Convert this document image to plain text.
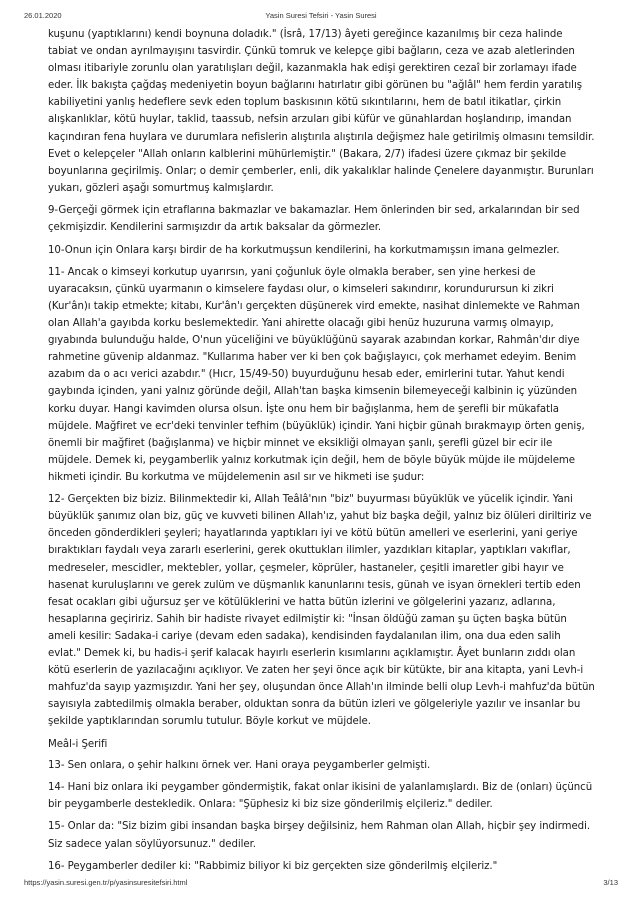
26.01.2020	Yasin Suresi Tefsiri - Yasin Suresi

kuşunu (yaptıklarını) kendi boynuna doladık." (İsrâ, 17/13) âyeti gereğince kazanılmış bir ceza halinde tabiat ve ondan ayrılmayışını tasvirdir. Çünkü tomruk ve kelepçe gibi bağların, ceza ve azab aletlerinden olması itibariyle zorunlu olan yaratılışları değil, kazanmakla hak edişi gerektiren cezaî bir zorlamayı ifade eder. İlk bakışta çağdaş medeniyetin boyun bağlarını hatırlatır gibi görünen bu "ağlâl" hem ferdin yaratılış kabiliyetini yanlış hedeflere sevk eden toplum baskısının kötü sıkıntılarını, hem de batıl itikatlar, çirkin alışkanlıklar, kötü huylar, taklid, taassub, nefsin arzuları gibi küfür ve günahlardan hoşlandırıp, imandan kaçındıran fena huylara ve durumlara nefislerin alıştırıla alıştırıla değişmez hale getirilmiş olmasını temsildir. Evet o kelepçeler "Allah onların kalblerini mühürlemiştir." (Bakara, 2/7) ifadesi üzere çıkmaz bir şekilde boyunlarına geçirilmiş. Onlar; o demir çemberler, enli, dik yakalıklar halinde Çenelere dayanmıştır. Burunları yukarı, gözleri aşağı somurtmuş kalmışlardır.

9-Gerçeği görmek için etraflarına bakmazlar ve bakamazlar. Hem önlerinden bir sed, arkalarından bir sed çekmişizdir. Kendilerini sarmışızdır da artık baksalar da görmezler.

10-Onun için Onlara karşı birdir de ha korkutmuşsun kendilerini, ha korkutmamışsın imana gelmezler.

11- Ancak o kimseyi korkutup uyarırsın, yani çoğunluk öyle olmakla beraber, sen yine herkesi de uyaracaksın, çünkü uyarmanın o kimselere faydası olur, o kimseleri sakındırır, korundurursun ki zikri (Kur'ân)ı takip etmekte; kitabı, Kur'ân'ı gerçekten düşünerek vird emekte, nasihat dinlemekte ve Rahman olan Allah'a gayıbda korku beslemektedir. Yani ahirette olacağı gibi henüz huzuruna varmış olmayıp, gıyabında bulunduğu halde, O'nun yüceliğini ve büyüklüğünü sayarak azabından korkar, Rahmân'dır diye rahmetine güvenip aldanmaz. "Kullarıma haber ver ki ben çok bağışlayıcı, çok merhamet edeyim. Benim azabım da o acı verici azabdır." (Hıcr, 15/49-50) buyurduğunu hesab eder, emirlerini tutar. Yahut kendi gaybında içinden, yani yalnız göründe değil, Allah'tan başka kimsenin bilemeyeceği kalbinin iç yüzünden korku duyar. Hangi kavimden olursa olsun. İşte onu hem bir bağışlanma, hem de şerefli bir mükafatla müjdele. Mağfiret ve ecr'deki tenvinler tefhim (büyüklük) içindir. Yani hiçbir günah bırakmayıp örten geniş, önemli bir mağfiret (bağışlanma) ve hiçbir minnet ve eksikliği olmayan şanlı, şerefli güzel bir ecir ile müjdele. Demek ki, peygamberlik yalnız korkutmak için değil, hem de böyle büyük müjde ile müjdeleme hikmeti içindir. Bu korkutma ve müjdelemenin asıl sır ve hikmeti ise şudur:

12- Gerçekten biz biziz. Bilinmektedir ki, Allah Teâlâ'nın "biz" buyurması büyüklük ve yücelik içindir. Yani büyüklük şanımız olan biz, güç ve kuvveti bilinen Allah'ız, yahut biz başka değil, yalnız biz ölüleri diriltiriz ve önceden gönderdikleri şeyleri; hayatlarında yaptıkları iyi ve kötü bütün amelleri ve eserlerini, yani geriye bıraktıkları faydalı veya zararlı eserlerini, gerek okuttukları ilimler, yazdıkları kitaplar, yaptıkları vakıflar, medreseler, mescidler, mektebler, yollar, çeşmeler, köprüler, hastaneler, çeşitli imaretler gibi hayır ve hasenat kuruluşlarını ve gerek zulüm ve düşmanlık kanunlarını tesis, günah ve isyan örnekleri tertib eden fesat ocakları gibi uğursuz şer ve kötülüklerini ve hatta bütün izlerini ve gölgelerini yazarız, adlarına, hesaplarına geçiririz. Sahih bir hadiste rivayet edilmiştir ki: "İnsan öldüğü zaman şu üçten başka bütün ameli kesilir: Sadaka-i cariye (devam eden sadaka), kendisinden faydalanılan ilim, ona dua eden salih evlat." Demek ki, bu hadis-i şerif kalacak hayırlı eserlerin kısımlarını açıklamıştır. Âyet bunların zıddı olan kötü eserlerin de yazılacağını açıklıyor. Ve zaten her şeyi önce açık bir kütükte, bir ana kitapta, yani Levh-i mahfuz'da sayıp yazmışızdır. Yani her şey, oluşundan önce Allah'ın ilminde belli olup Levh-i mahfuz'da bütün sayısıyla zabtedilmiş olmakla beraber, olduktan sonra da bütün izleri ve gölgeleriyle yazılır ve insanlar bu şekilde yaptıklarından sorumlu tutulur. Böyle korkut ve müjdele.

Meâl-i Şerifi

13- Sen onlara, o şehir halkını örnek ver. Hani oraya peygamberler gelmişti.

14- Hani biz onlara iki peygamber göndermiştik, fakat onlar ikisini de yalanlamışlardı. Biz de (onları) üçüncü bir peygamberle destekledik. Onlara: "Şüphesiz ki biz size gönderilmiş elçileriz." dediler.

15- Onlar da: "Siz bizim gibi insandan başka birşey değilsiniz, hem Rahman olan Allah, hiçbir şey indirmedi. Siz sadece yalan söylüyorsunuz." dediler.

16- Peygamberler dediler ki: "Rabbimiz biliyor ki biz gerçekten size gönderilmiş elçileriz."

https://yasin.suresi.gen.tr/p/yasinsuresitefsiri.html	3/13
